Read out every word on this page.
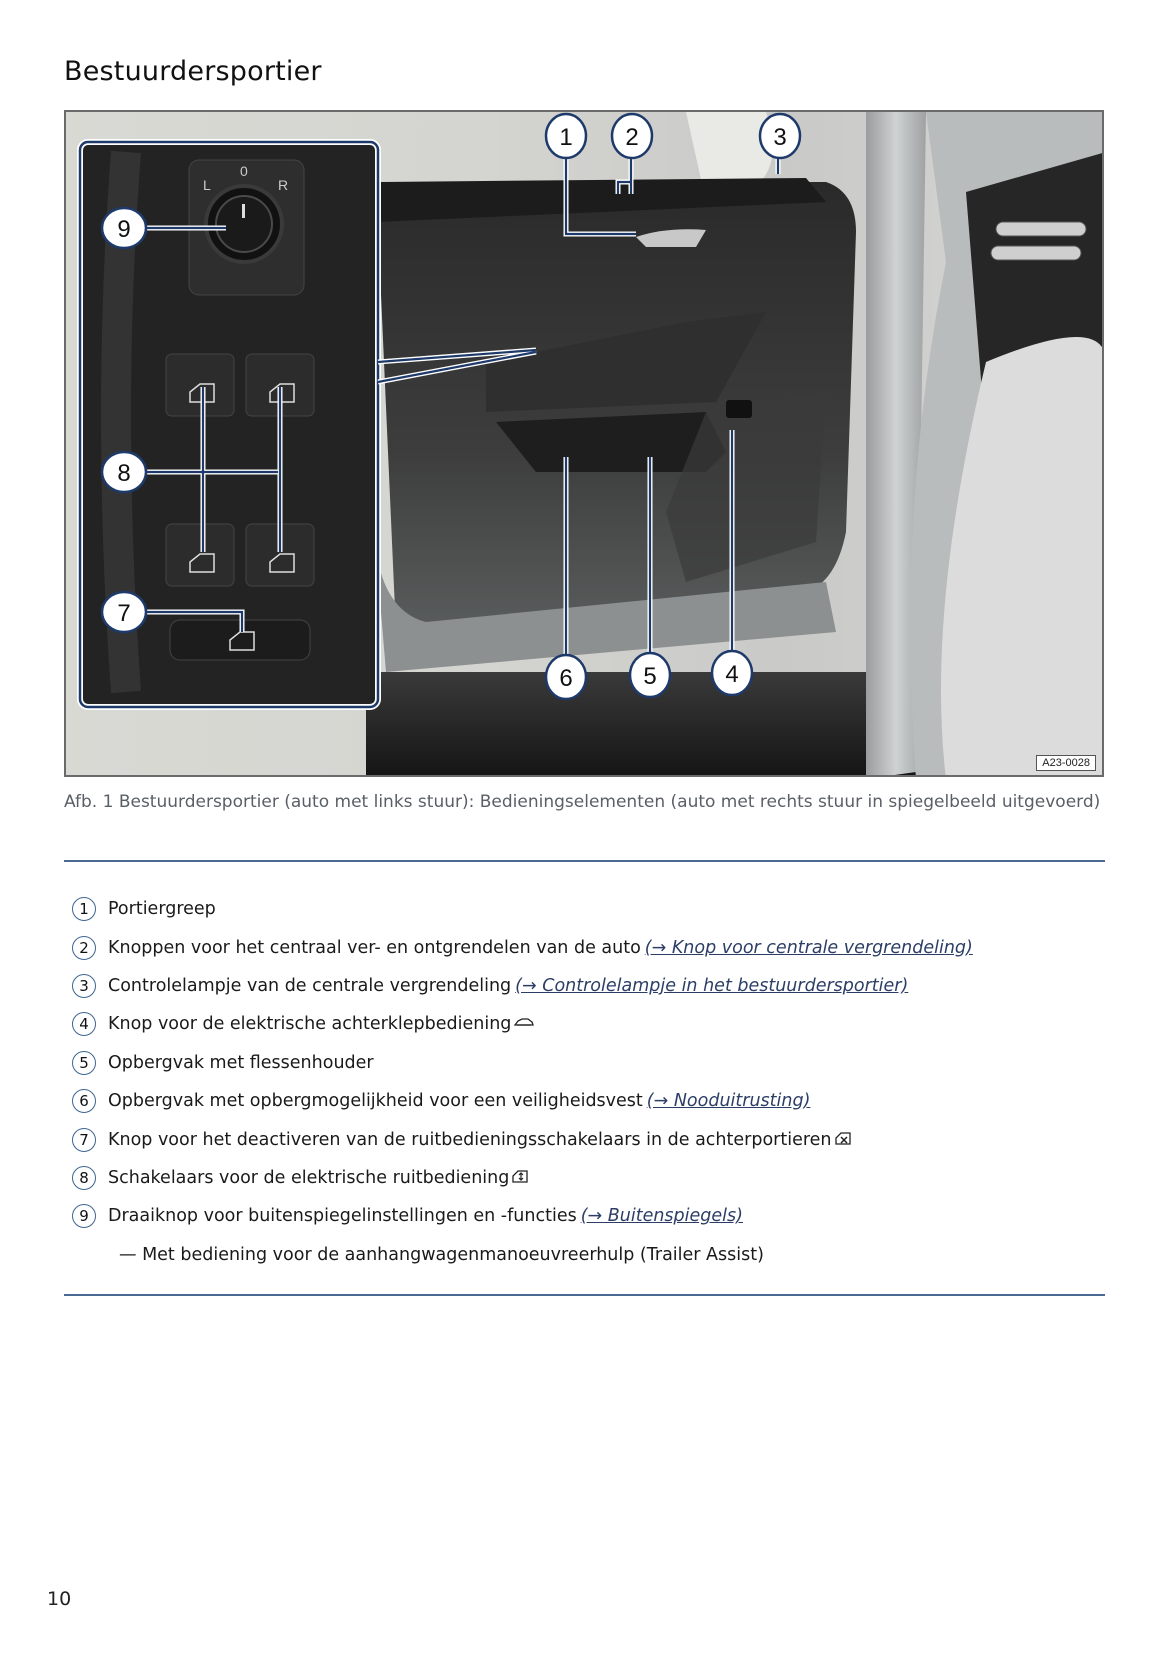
Bestuurdersportier
L
0
R
9
8
7
1 2	3
6	5	4
A23-0028
Afb. 1 Bestuurdersportier (auto met links stuur): Bedieningselementen (auto met rechts stuur in spiegelbeeld uitgevoerd)
1	Portiergreep
2	Knoppen voor het centraal ver- en ontgrendelen van de auto (→ Knop voor centrale vergrendeling)
3	Controlelampje van de centrale vergrendeling (→ Controlelampje in het bestuurdersportier)
4	Knop voor de elektrische achterklepbediening
5	Opbergvak met flessenhouder
6	Opbergvak met opbergmogelijkheid voor een veiligheidsvest (→ Nooduitrusting)
7	Knop voor het deactiveren van de ruitbedieningsschakelaars in de achterportieren
8	Schakelaars voor de elektrische ruitbediening
9	Draaiknop voor buitenspiegelinstellingen en -functies (→ Buitenspiegels)
— Met bediening voor de aanhangwagenmanoeuvreerhulp (Trailer Assist)
10
